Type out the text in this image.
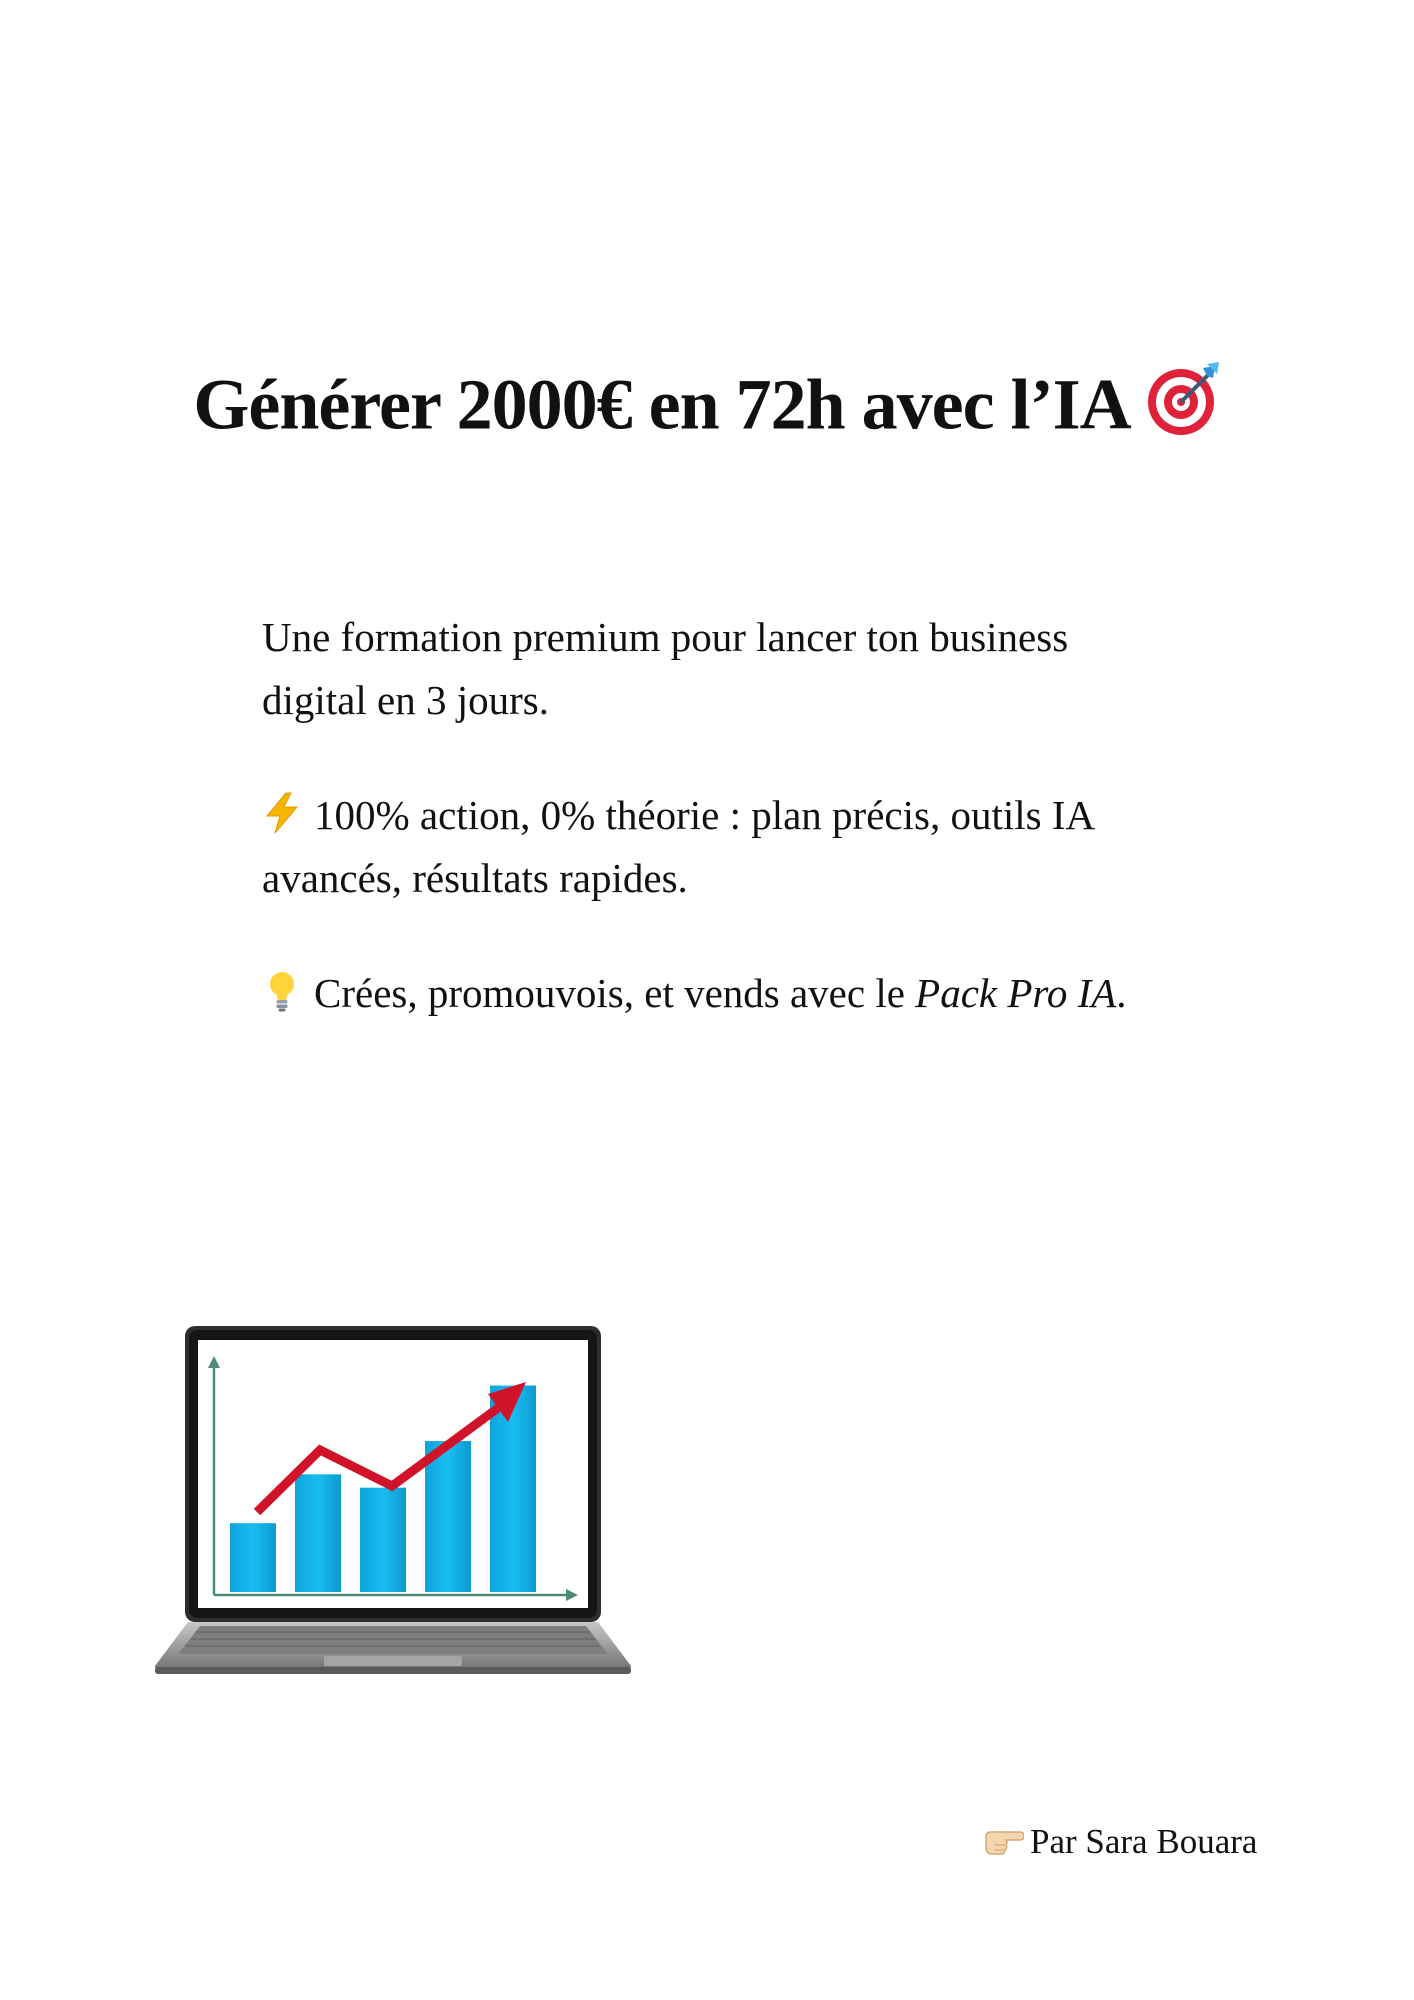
Générer 2000€ en 72h avec l’IA
Une formation premium pour lancer ton business digital en 3 jours.
100% action, 0% théorie : plan précis, outils IA avancés, résultats rapides.
Crées, promouvois, et vends avec le Pack Pro IA.
Par Sara Bouara
